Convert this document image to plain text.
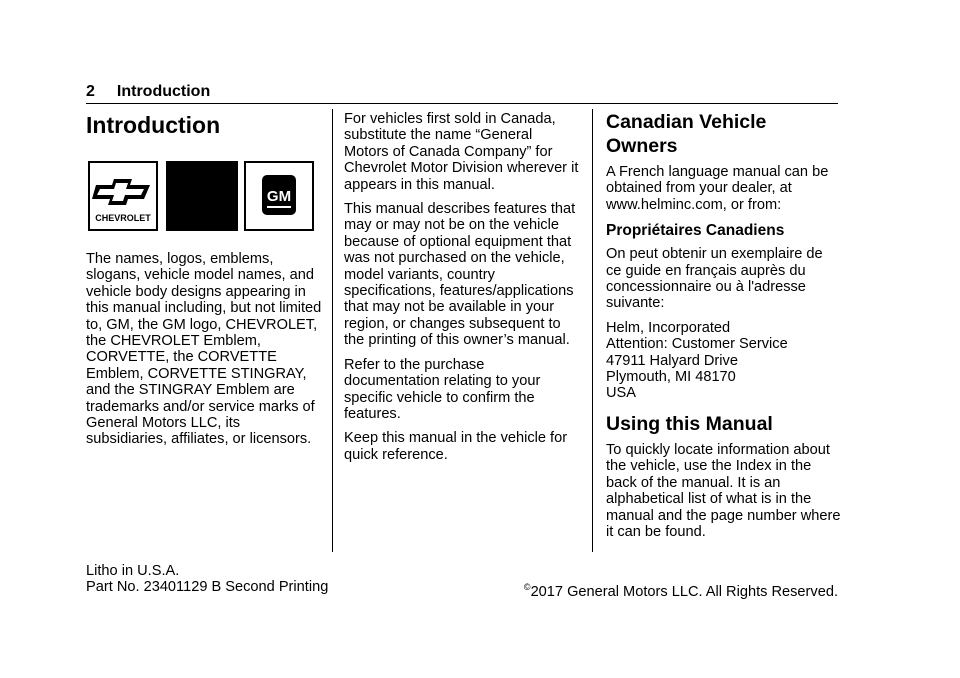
2 Introduction
Introduction
CHEVROLET
GM

The names, logos, emblems,
slogans, vehicle model names, and
vehicle body designs appearing in
this manual including, but not limited
to, GM, the GM logo, CHEVROLET,
the CHEVROLET Emblem,
CORVETTE, the CORVETTE
Emblem, CORVETTE STINGRAY,
and the STINGRAY Emblem are
trademarks and/or service marks of
General Motors LLC, its
subsidiaries, affiliates, or licensors.

For vehicles first sold in Canada,
substitute the name “General
Motors of Canada Company” for
Chevrolet Motor Division wherever it
appears in this manual.

This manual describes features that
may or may not be on the vehicle
because of optional equipment that
was not purchased on the vehicle,
model variants, country
specifications, features/applications
that may not be available in your
region, or changes subsequent to
the printing of this owner’s manual.

Refer to the purchase
documentation relating to your
specific vehicle to confirm the
features.

Keep this manual in the vehicle for
quick reference.

Canadian Vehicle Owners

A French language manual can be
obtained from your dealer, at
www.helminc.com, or from:

Propriétaires Canadiens

On peut obtenir un exemplaire de
ce guide en français auprès du
concessionnaire ou à l'adresse
suivante:

Helm, Incorporated
Attention: Customer Service
47911 Halyard Drive
Plymouth, MI 48170
USA

Using this Manual

To quickly locate information about
the vehicle, use the Index in the
back of the manual. It is an
alphabetical list of what is in the
manual and the page number where
it can be found.

Litho in U.S.A.
Part No. 23401129 B Second Printing	©2017 General Motors LLC. All Rights Reserved.
